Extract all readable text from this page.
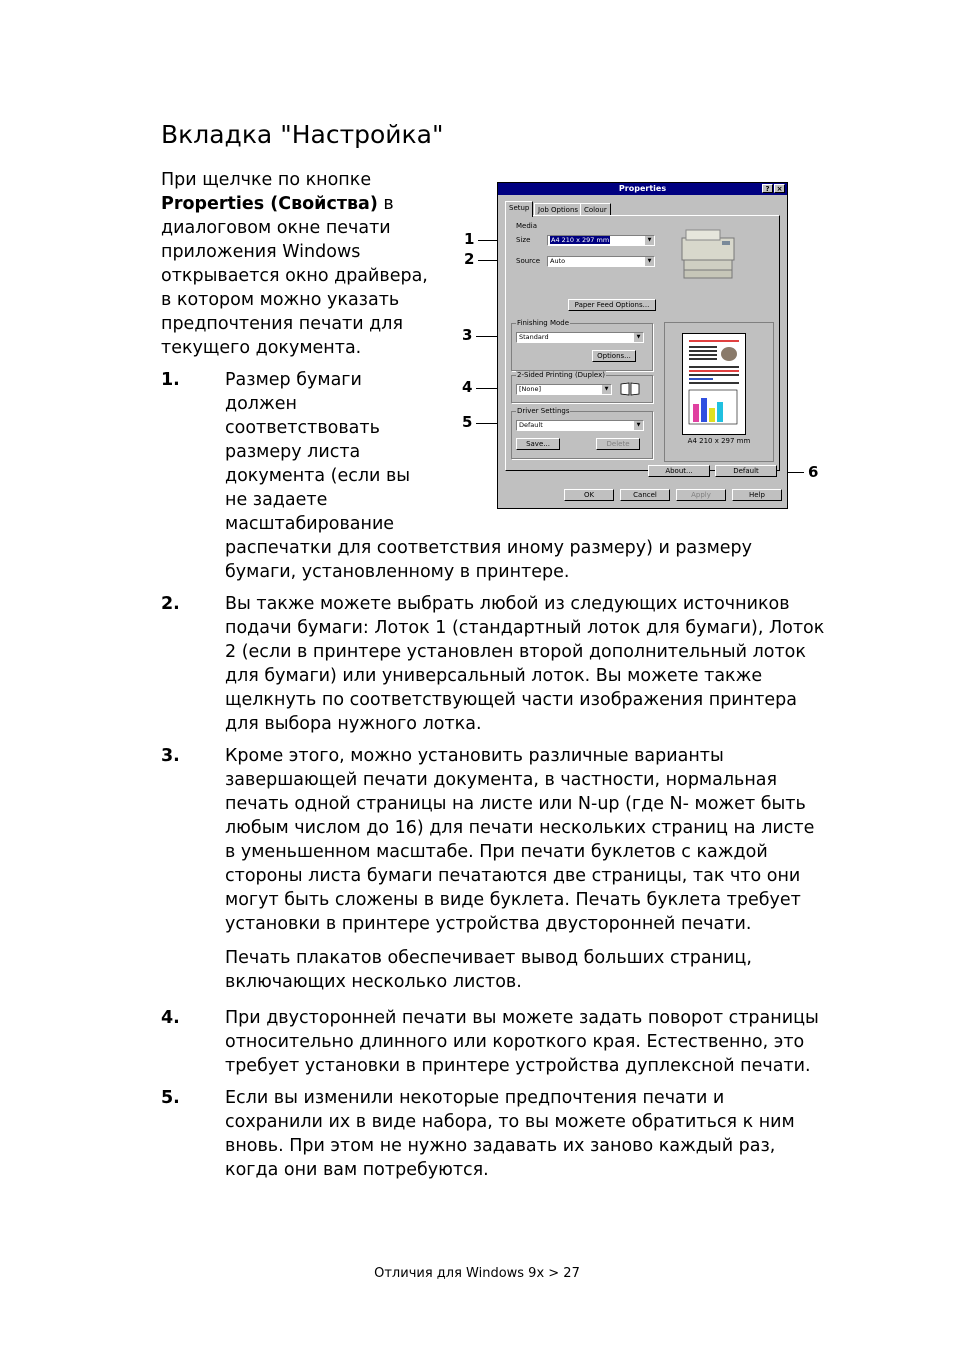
Вкладка "Настройка"

При щелчке по кнопке Properties (Свойства) в диалоговом окне печати приложения Windows открывается окно драйвера, в котором можно указать предпочтения печати для текущего документа.

1.	Размер бумаги должен соответствовать размеру листа документа (если вы не задаете масштабирование

распечатки для соответствия иному размеру) и размеру бумаги, установленному в принтере.

2.	Вы также можете выбрать любой из следующих источников подачи бумаги: Лоток 1 (стандартный лоток для бумаги), Лоток 2 (если в принтере установлен второй дополнительный лоток для бумаги) или универсальный лоток. Вы можете также щелкнуть по соответствующей части изображения принтера для выбора нужного лотка.

3.	Кроме этого, можно установить различные варианты завершающей печати документа, в частности, нормальная печать одной страницы на листе или N-up (где N- может быть любым числом до 16) для печати нескольких страниц на листе в уменьшенном масштабе. При печати буклетов с каждой стороны листа бумаги печатаются две страницы, так что они могут быть сложены в виде буклета. Печать буклета требует установки в принтере устройства двусторонней печати.

Печать плакатов обеспечивает вывод больших страниц, включающих несколько листов.

4.	При двусторонней печати вы можете задать поворот страницы относительно длинного или короткого края. Естественно, это требует установки в принтере устройства дуплексной печати.

5.	Если вы изменили некоторые предпочтения печати и сохранили их в виде набора, то вы можете обратиться к ним вновь. При этом не нужно задавать их заново каждый раз, когда они вам потребуются.

Отличия для Windows 9x > 27
1
2
3
4
5
6
Properties	?	×
Setup	Job Options Colour
Media
Size	A4 210 x 297 mm	▼
Source	Auto	▼
Paper Feed Options...
Finishing Mode
Standard	▼
Options...
2-Sided Printing (Duplex)
[None]	▼
Driver Settings
Default	▼
Save...	Delete	A4 210 x 297 mm
About...	Default
OK	Cancel	Apply	Help
